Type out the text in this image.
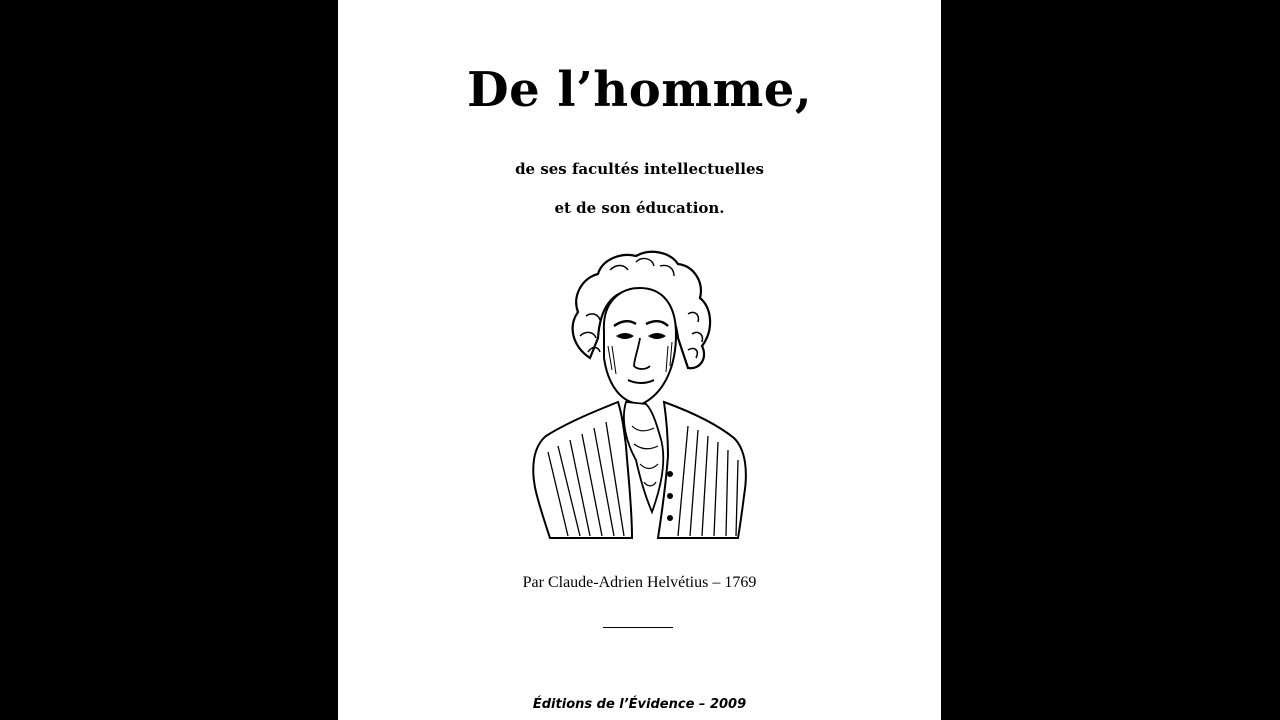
De l’homme,
de ses facultés intellectuelles
et de son éducation.
Par Claude-Adrien Helvétius – 1769
Éditions de l’Évidence – 2009
